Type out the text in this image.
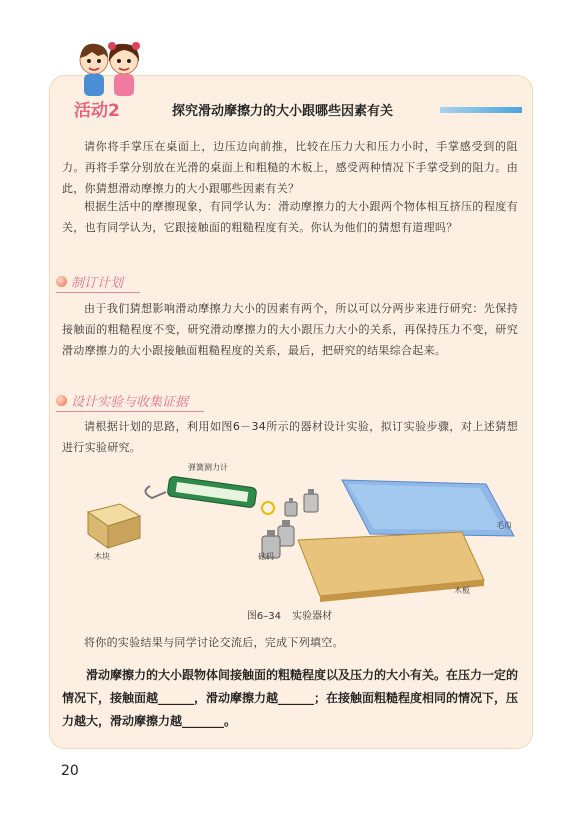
活动2	探究滑动摩擦力的大小跟哪些因素有关

请你将手掌压在桌面上，边压边向前推，比较在压力大和压力小时，手掌感受到的阻力。再将手掌分别放在光滑的桌面上和粗糙的木板上，感受两种情况下手掌受到的阻力。由此，你猜想滑动摩擦力的大小跟哪些因素有关？

根据生活中的摩擦现象，有同学认为：滑动摩擦力的大小跟两个物体相互挤压的程度有关，也有同学认为，它跟接触面的粗糙程度有关。你认为他们的猜想有道理吗？

制订计划

由于我们猜想影响滑动摩擦力大小的因素有两个，所以可以分两步来进行研究：先保持接触面的粗糙程度不变，研究滑动摩擦力的大小跟压力大小的关系，再保持压力不变，研究滑动摩擦力的大小跟接触面粗糙程度的关系，最后，把研究的结果综合起来。

设计实验与收集证据

请根据计划的思路，利用如图6－34所示的器材设计实验，拟订实验步骤，对上述猜想进行实验研究。

弹簧测力计
木块	砝码
毛巾
木板
图6–34 实验器材

将你的实验结果与同学讨论交流后，完成下列填空。

滑动摩擦力的大小跟物体间接触面的粗糙程度以及压力的大小有关。在压力一定的情况下，接触面越______，滑动摩擦力越______；在接触面粗糙程度相同的情况下，压力越大，滑动摩擦力越_______。

20
